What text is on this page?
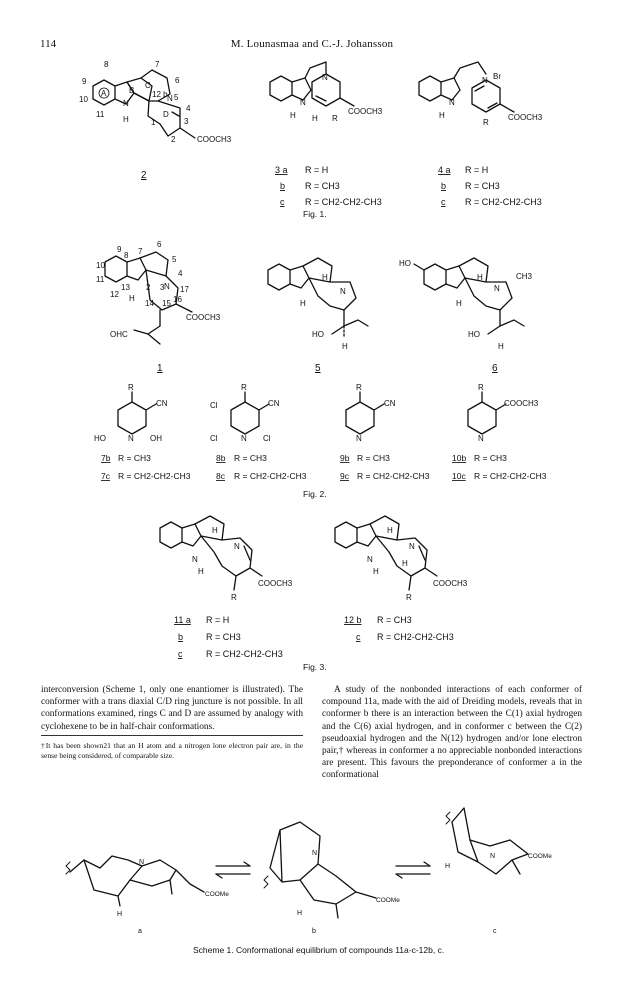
114	M. Lounasmaa and C.-J. Johansson
8	7
9	6
10
12 b 5
11
1
2
3
4
N
N
H
A	B
C
D
COOCH3
2
N
H
N
COOCH3
H R
3 a R = H
b R = CH3
c R = CH2-CH2-CH3
Fig. 1.
N
H
N Br
COOCH3
R
4 a R = H
b R = CH3
c R = CH2-CH2-CH3
9
6
10
8 7
5
11
4
N 17
12
13 2 3
16
COOCH3
H
14 15
OHC
1
H
N
H
HO
H
5
HO
H
H
CH3
HO
H
N
6
R	R	R	R
CN	CN	CN	COOCH3
HO	OH
Cl
Cl	Cl
N	N	N	N
7b R = CH3
7c R = CH2-CH2-CH3
8b R = CH3
8c R = CH2-CH2-CH3
9b R = CH3
9c R = CH2-CH2-CH3
10b R = CH3
10c R = CH2-CH2-CH3
Fig. 2.
H
N
N
H
COOCH3
R
11 a R = H
b	R = CH3
c	R = CH2-CH2-CH3
H
N
N
H
H
COOCH3
R
12 b R = CH3
c R = CH2-CH2-CH3
Fig. 3.
N
H
COOMe
a
N
H
COOMe
b
H
N	COOMe
c
Scheme 1. Conformational equilibrium of compounds 11a-c-12b, c.
interconversion (Scheme 1, only one enantiomer is illustrated). The conformer with a trans diaxial C/D ring juncture is not possible. In all conformations examined, rings C and D are assumed by analogy with cyclohexene to be in half-chair conformations.
†It has been shown21 that an H atom and a nitrogen lone electron pair are, in the sense being considered, of comparable size.
A study of the nonbonded interactions of each conformer of compound 11a, made with the aid of Dreiding models, reveals that in conformer b there is an interaction between the C(1) axial hydrogen and the C(6) axial hydrogen, and in conformer c between the C(2) pseudoaxial hydrogen and the N(12) hydrogen and/or lone electron pair,† whereas in conformer a no appreciable nonbonded interactions are present. This favours the preponderance of conformer a in the conformational
